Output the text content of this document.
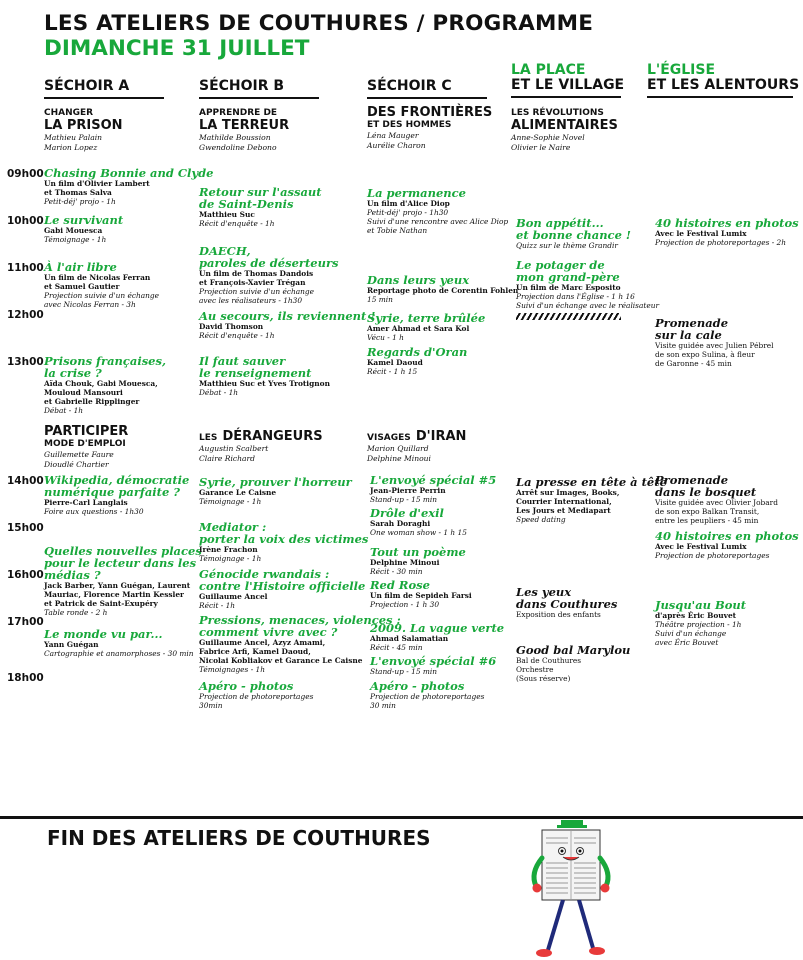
LES ATELIERS DE COUTHURES / PROGRAMME
DIMANCHE 31 JUILLET
SÉCHOIR A	SÉCHOIR B	SÉCHOIR C
LA PLACE
ET LE VILLAGE
L'ÉGLISE
ET LES ALENTOURS
09h00
10h00
11h00
12h00
13h00
14h00
15h00
16h00
17h00
18h00
CHANGER
LA PRISON
Mathieu Palain
Marion Lopez
APPRENDRE DE
LA TERREUR
Mathilde Boussion
Gwendoline Debono
DES FRONTIÈRES
ET DES HOMMES
Léna Mauger
Aurélie Charon
LES RÉVOLUTIONS
ALIMENTAIRES
Anne-Sophie Novel
Olivier le Naire
PARTICIPER
MODE D'EMPLOI
Guillemette Faure
Dioudlé Chartier
LES DÉRANGEURS
Augustin Scalbert
Claire Richard
VISAGES D'IRAN
Marion Quillard
Delphine Minoui
Chasing Bonnie and Clyde
Un film d'Olivier Lambert
et Thomas Salva
Petit-déj' projo - 1h
Le survivant
Gabi Mouesca
Témoignage - 1h
À l'air libre
Un film de Nicolas Ferran
et Samuel Gautier
Projection suivie d'un échange
avec Nicolas Ferran - 3h
Prisons françaises,
la crise ?
Aïda Chouk, Gabi Mouesca,
Mouloud Mansouri
et Gabrielle Ripplinger
Débat - 1h
Wikipedia, démocratie
numérique parfaite ?
Pierre-Carl Langlais
Foire aux questions - 1h30
Quelles nouvelles places
pour le lecteur dans les
médias ?
Jack Barber, Yann Guégan, Laurent
Mauriac, Florence Martin Kessler
et Patrick de Saint-Exupéry
Table ronde - 2 h
Le monde vu par...
Yann Guégan
Cartographie et anamorphoses - 30 min
Retour sur l'assaut
de Saint-Denis
Matthieu Suc
Récit d'enquête - 1h
DAECH,
paroles de déserteurs
Un film de Thomas Dandois
et François-Xavier Trégan
Projection suivie d'un échange
avec les réalisateurs - 1h30
Au secours, ils reviennent !
David Thomson
Récit d'enquête - 1h
Il faut sauver
le renseignement
Matthieu Suc et Yves Trotignon
Débat - 1h
Syrie, prouver l'horreur
Garance Le Caisne
Témoignage - 1h
Mediator :
porter la voix des victimes
Irène Frachon
Témoignage - 1h
Génocide rwandais :
contre l'Histoire officielle
Guillaume Ancel
Récit - 1h
Pressions, menaces, violences :
comment vivre avec ?
Guillaume Ancel, Azyz Amami,
Fabrice Arfi, Kamel Daoud,
Nicolai Kobliakov et Garance Le Caisne
Témoignages - 1h
Apéro - photos
Projection de photoreportages
30min
La permanence
Un film d'Alice Diop
Petit-déj' projo - 1h30
Suivi d'une rencontre avec Alice Diop
et Tobie Nathan
Dans leurs yeux
Reportage photo de Corentin Fohlen
15 min
Syrie, terre brûlée
Amer Ahmad et Sara Kol
Vécu - 1 h
Regards d'Oran
Kamel Daoud
Récit - 1 h 15
L'envoyé spécial #5
Jean-Pierre Perrin
Stand-up - 15 min
Drôle d'exil
Sarah Doraghi
One woman show - 1 h 15
Tout un poème
Delphine Minoui
Récit - 30 min
Red Rose
Un film de Sepideh Farsi
Projection - 1 h 30
2009. La vague verte
Ahmad Salamatian
Récit - 45 min
L'envoyé spécial #6
Stand-up - 15 min
Apéro - photos
Projection de photoreportages
30 min
Bon appétit...
et bonne chance !
Quizz sur le thème Grandir
Le potager de
mon grand-père
Un film de Marc Esposito
Projection dans l'Église - 1 h 16
Suivi d'un échange avec le réalisateur
La presse en tête à tête
Arrêt sur Images, Books,
Courrier International,
Les Jours et Mediapart
Speed dating
Les yeux
dans Couthures
Exposition des enfants
Good bal Marylou
Bal de Couthures
Orchestre
(Sous réserve)
40 histoires en photos
Avec le Festival Lumix
Projection de photoreportages - 2h
Promenade
sur la cale
Visite guidée avec Julien Pébrel
de son expo Sulina, à fleur
de Garonne - 45 min
Promenade
dans le bosquet
Visite guidée avec Olivier Jobard
de son expo Balkan Transit,
entre les peupliers - 45 min
40 histoires en photos
Avec le Festival Lumix
Projection de photoreportages
Jusqu'au Bout
d'après Éric Bouvet
Théâtre projection - 1h
Suivi d'un échange
avec Éric Bouvet
FIN DES ATELIERS DE COUTHURES
